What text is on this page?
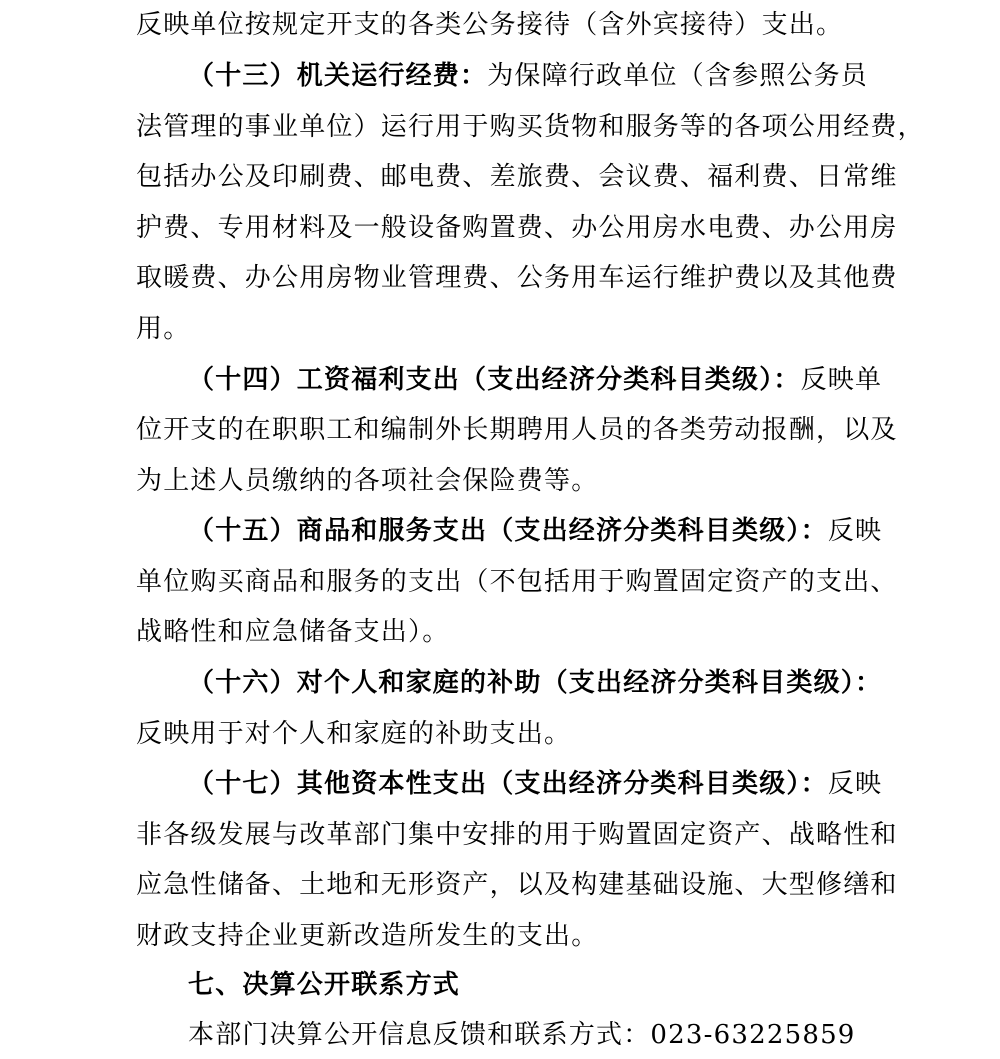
反映单位按规定开支的各类公务接待（含外宾接待）支出。
（十三）机关运行经费：为保障行政单位（含参照公务员
法管理的事业单位）运行用于购买货物和服务等的各项公用经费，
包括办公及印刷费、邮电费、差旅费、会议费、福利费、日常维
护费、专用材料及一般设备购置费、办公用房水电费、办公用房
取暖费、办公用房物业管理费、公务用车运行维护费以及其他费
用。
（十四）工资福利支出（支出经济分类科目类级）：反映单
位开支的在职职工和编制外长期聘用人员的各类劳动报酬，以及
为上述人员缴纳的各项社会保险费等。
（十五）商品和服务支出（支出经济分类科目类级）：反映
单位购买商品和服务的支出（不包括用于购置固定资产的支出、
战略性和应急储备支出）。
（十六）对个人和家庭的补助（支出经济分类科目类级）：
反映用于对个人和家庭的补助支出。
（十七）其他资本性支出（支出经济分类科目类级）：反映
非各级发展与改革部门集中安排的用于购置固定资产、战略性和
应急性储备、土地和无形资产，以及构建基础设施、大型修缮和
财政支持企业更新改造所发生的支出。
七、决算公开联系方式
本部门决算公开信息反馈和联系方式：023-63225859
